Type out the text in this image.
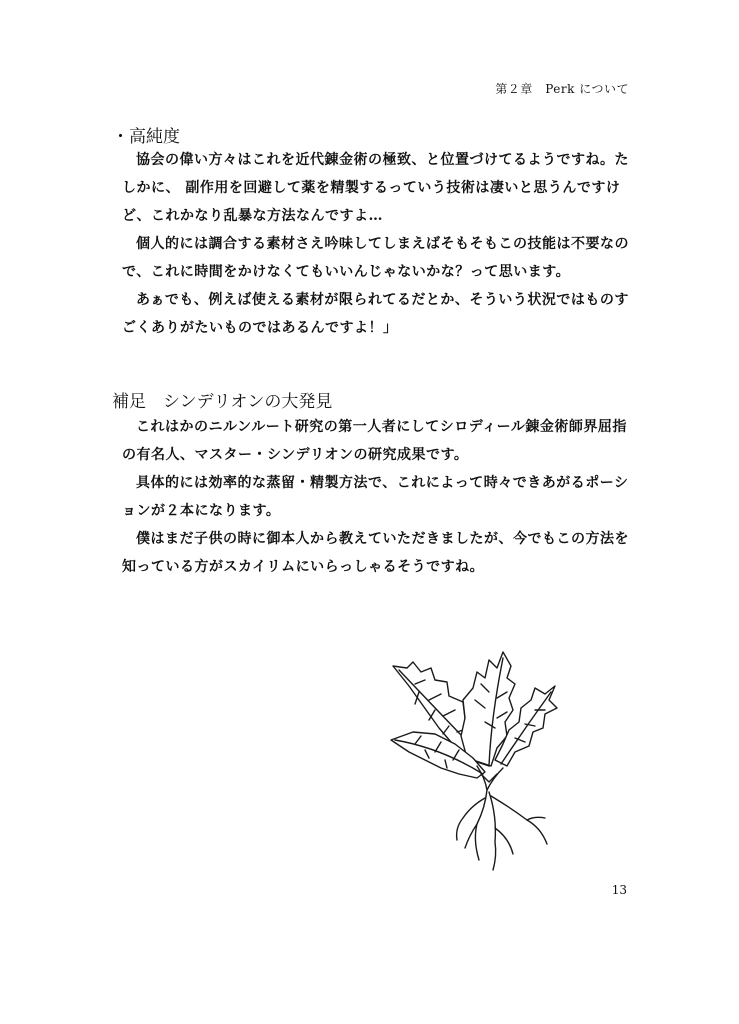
第２章　Perk について
・高純度

協会の偉い方々はこれを近代錬金術の極致、と位置づけてるようですね。たしかに、 副作用を回避して薬を精製するっていう技術は凄いと思うんですけど、これかなり乱暴な方法なんですよ…

個人的には調合する素材さえ吟味してしまえばそもそもこの技能は不要なので、これに時間をかけなくてもいいんじゃないかな？って思います。

あぁでも、例えば使える素材が限られてるだとか、そういう状況ではものすごくありがたいものではあるんですよ！」

補足　シンデリオンの大発見

これはかのニルンルート研究の第一人者にしてシロディール錬金術師界屈指の有名人、マスター・シンデリオンの研究成果です。

具体的には効率的な蒸留・精製方法で、これによって時々できあがるポーションが２本になります。

僕はまだ子供の時に御本人から教えていただきましたが、今でもこの方法を知っている方がスカイリムにいらっしゃるそうですね。

13
